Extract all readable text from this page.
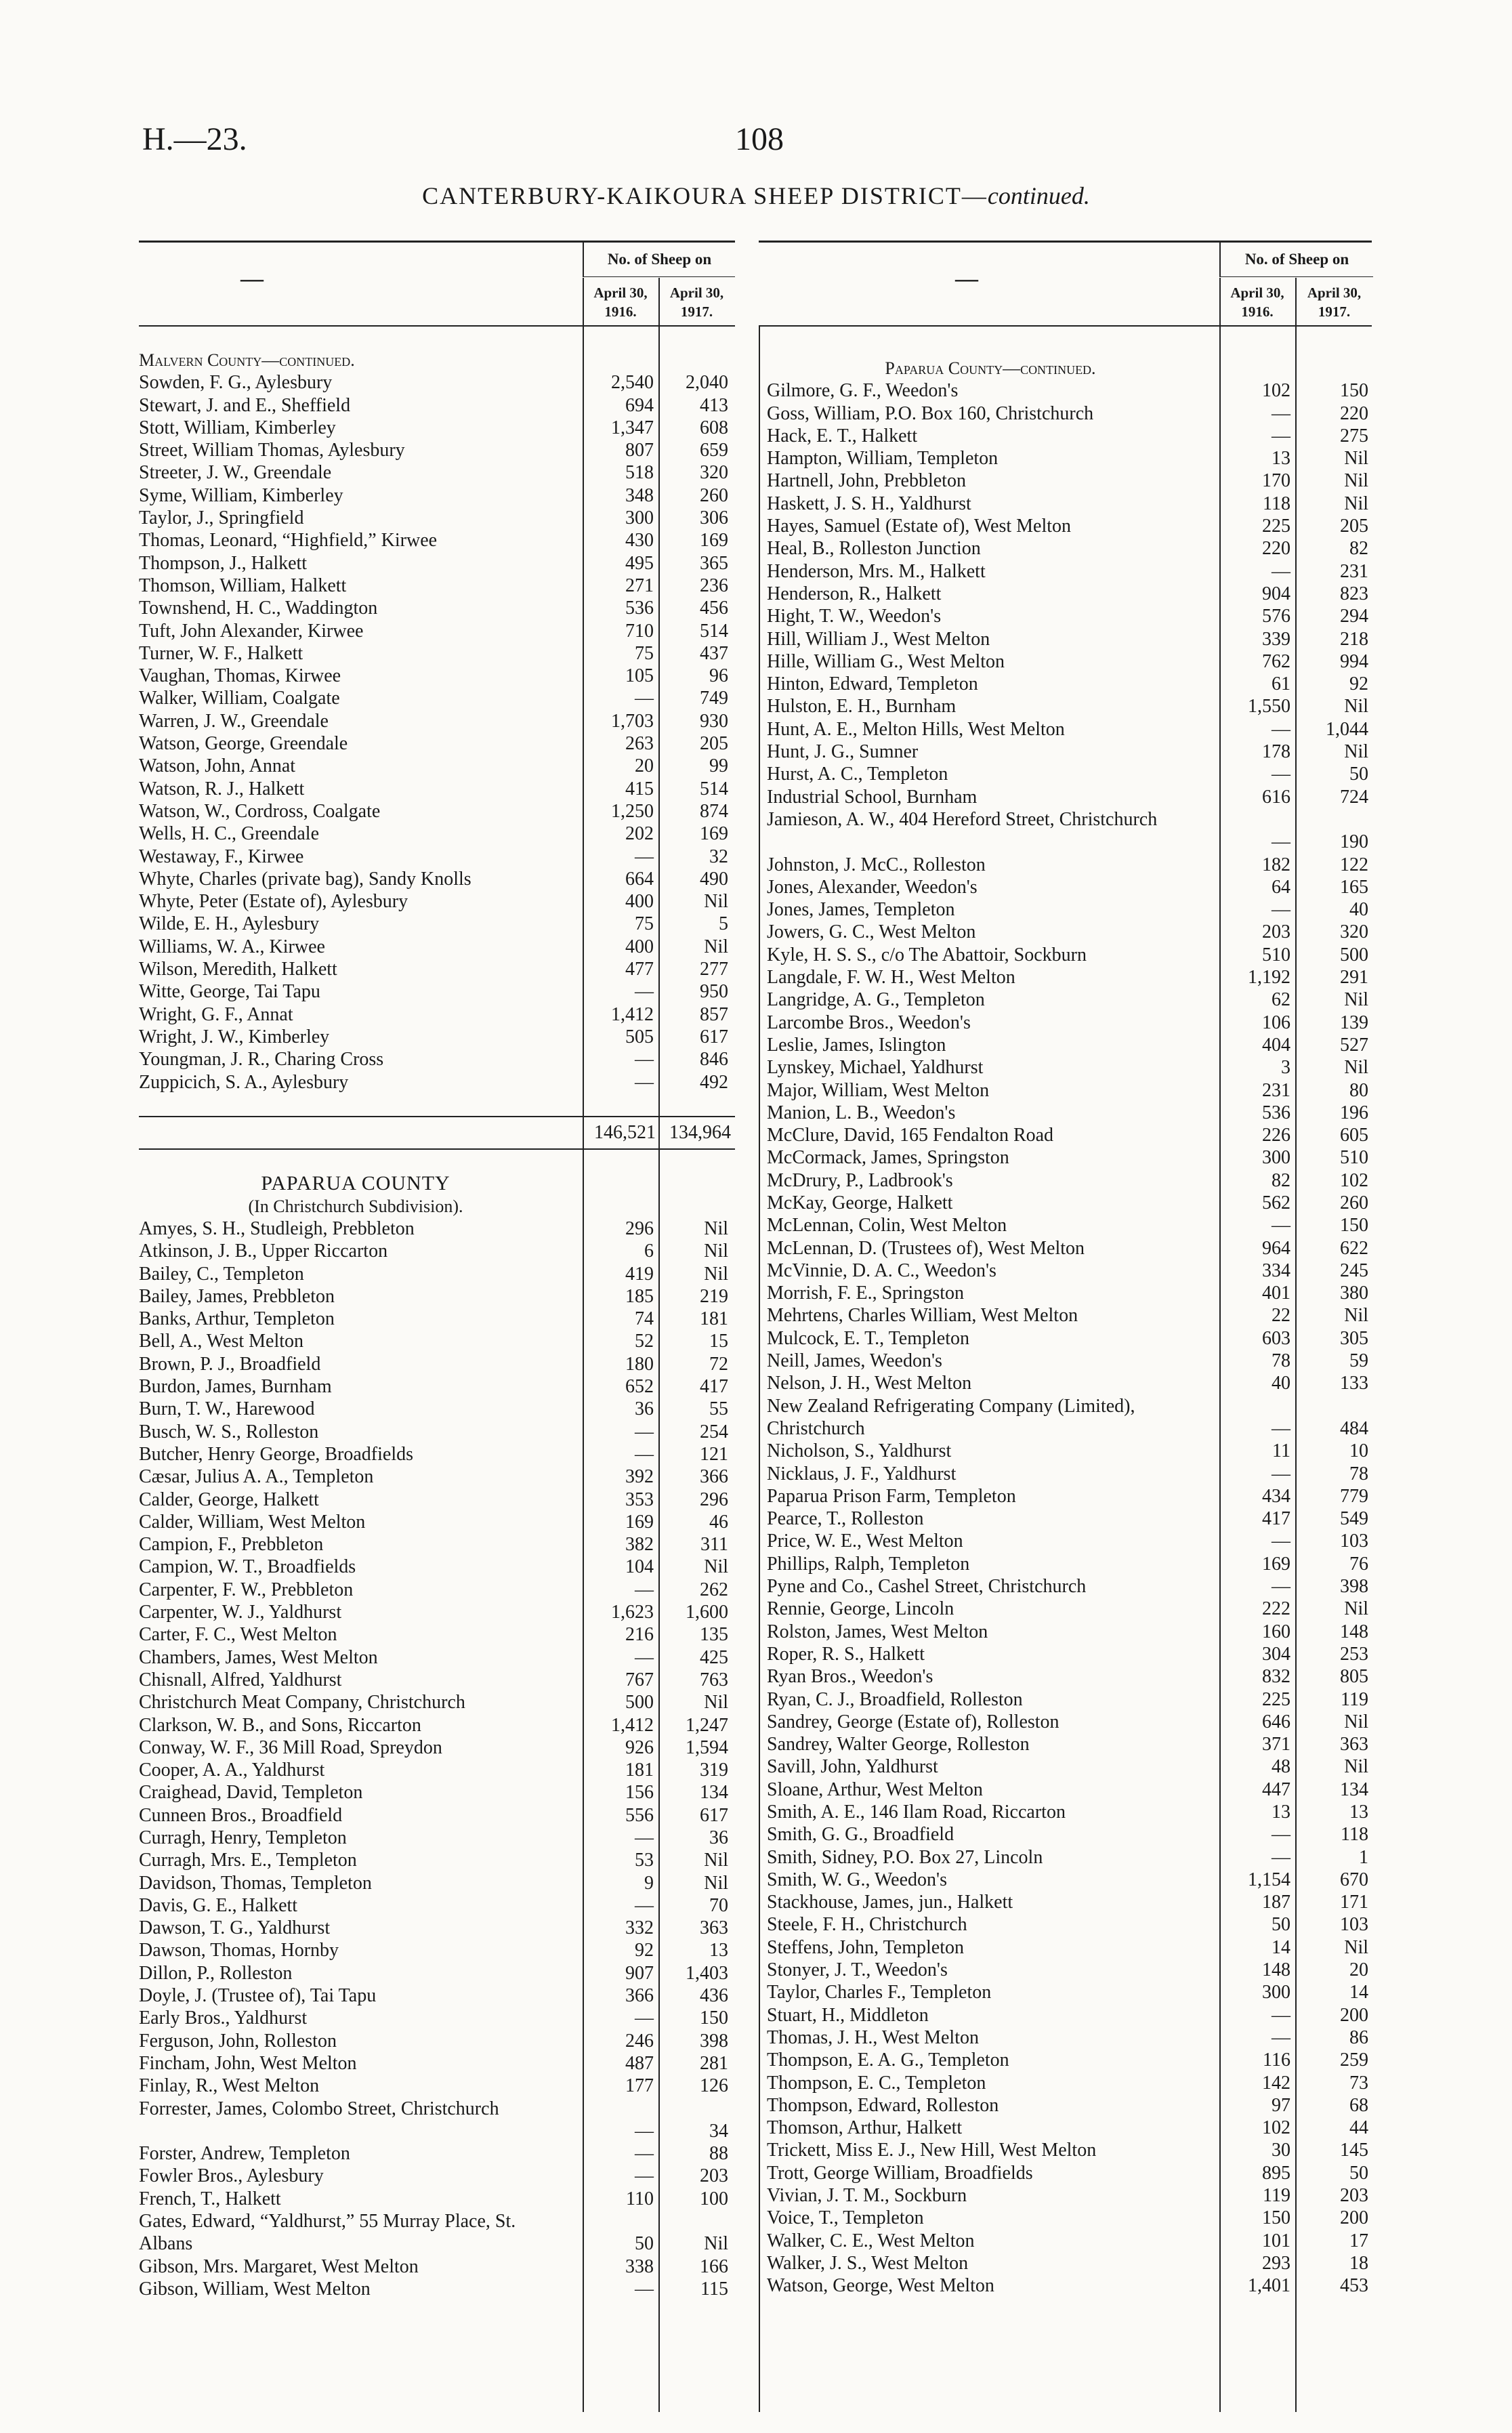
H.—23.	108
CANTERBURY-KAIKOURA SHEEP DISTRICT—continued.
—
No. of Sheep on
April 30,
1916.
April 30,
1917.
Malvern County—continued.
Sowden, F. G., Aylesbury	2,540	2,040
Stewart, J. and E., Sheffield	694	413
Stott, William, Kimberley	1,347	608
Street, William Thomas, Aylesbury	807	659
Streeter, J. W., Greendale	518	320
Syme, William, Kimberley	348	260
Taylor, J., Springfield	300	306
Thomas, Leonard, “Highfield,” Kirwee	430	169
Thompson, J., Halkett	495	365
Thomson, William, Halkett	271	236
Townshend, H. C., Waddington	536	456
Tuft, John Alexander, Kirwee	710	514
Turner, W. F., Halkett	75	437
Vaughan, Thomas, Kirwee	105	96
Walker, William, Coalgate	—	749
Warren, J. W., Greendale	1,703	930
Watson, George, Greendale	263	205
Watson, John, Annat	20	99
Watson, R. J., Halkett	415	514
Watson, W., Cordross, Coalgate	1,250	874
Wells, H. C., Greendale	202	169
Westaway, F., Kirwee	—	32
Whyte, Charles (private bag), Sandy Knolls	664	490
Whyte, Peter (Estate of), Aylesbury	400	Nil
Wilde, E. H., Aylesbury	75	5
Williams, W. A., Kirwee	400	Nil
Wilson, Meredith, Halkett	477	277
Witte, George, Tai Tapu	—	950
Wright, G. F., Annat	1,412	857
Wright, J. W., Kimberley	505	617
Youngman, J. R., Charing Cross	—	846
Zuppicich, S. A., Aylesbury	—	492
146,521 134,964
PAPARUA COUNTY
(In Christchurch Subdivision).
Amyes, S. H., Studleigh, Prebbleton	296	Nil
Atkinson, J. B., Upper Riccarton	6	Nil
Bailey, C., Templeton	419	Nil
Bailey, James, Prebbleton	185	219
Banks, Arthur, Templeton	74	181
Bell, A., West Melton	52	15
Brown, P. J., Broadfield	180	72
Burdon, James, Burnham	652	417
Burn, T. W., Harewood	36	55
Busch, W. S., Rolleston	—	254
Butcher, Henry George, Broadfields	—	121
Cæsar, Julius A. A., Templeton	392	366
Calder, George, Halkett	353	296
Calder, William, West Melton	169	46
Campion, F., Prebbleton	382	311
Campion, W. T., Broadfields	104	Nil
Carpenter, F. W., Prebbleton	—	262
Carpenter, W. J., Yaldhurst	1,623	1,600
Carter, F. C., West Melton	216	135
Chambers, James, West Melton	—	425
Chisnall, Alfred, Yaldhurst	767	763
Christchurch Meat Company, Christchurch	500	Nil
Clarkson, W. B., and Sons, Riccarton	1,412	1,247
Conway, W. F., 36 Mill Road, Spreydon	926	1,594
Cooper, A. A., Yaldhurst	181	319
Craighead, David, Templeton	156	134
Cunneen Bros., Broadfield	556	617
Curragh, Henry, Templeton	—	36
Curragh, Mrs. E., Templeton	53	Nil
Davidson, Thomas, Templeton	9	Nil
Davis, G. E., Halkett	—	70
Dawson, T. G., Yaldhurst	332	363
Dawson, Thomas, Hornby	92	13
Dillon, P., Rolleston	907	1,403
Doyle, J. (Trustee of), Tai Tapu	366	436
Early Bros., Yaldhurst	—	150
Ferguson, John, Rolleston	246	398
Fincham, John, West Melton	487	281
Finlay, R., West Melton	177	126
Forrester, James, Colombo Street, Christchurch
—	34
Forster, Andrew, Templeton	—	88
Fowler Bros., Aylesbury	—	203
French, T., Halkett	110	100
Gates, Edward, “Yaldhurst,” 55 Murray Place, St. Albans	50	Nil
Gibson, Mrs. Margaret, West Melton	338	166
Gibson, William, West Melton	—	115
—
No. of Sheep on
April 30,
1916.
April 30,
1917.
Paparua County—continued.
Gilmore, G. F., Weedon's	102	150
Goss, William, P.O. Box 160, Christchurch	—	220
Hack, E. T., Halkett	—	275
Hampton, William, Templeton	13	Nil
Hartnell, John, Prebbleton	170	Nil
Haskett, J. S. H., Yaldhurst	118	Nil
Hayes, Samuel (Estate of), West Melton	225	205
Heal, B., Rolleston Junction	220	82
Henderson, Mrs. M., Halkett	—	231
Henderson, R., Halkett	904	823
Hight, T. W., Weedon's	576	294
Hill, William J., West Melton	339	218
Hille, William G., West Melton	762	994
Hinton, Edward, Templeton	61	92
Hulston, E. H., Burnham	1,550	Nil
Hunt, A. E., Melton Hills, West Melton	—	1,044
Hunt, J. G., Sumner	178	Nil
Hurst, A. C., Templeton	—	50
Industrial School, Burnham	616	724
Jamieson, A. W., 404 Hereford Street, Christchurch
—	190
Johnston, J. McC., Rolleston	182	122
Jones, Alexander, Weedon's	64	165
Jones, James, Templeton	—	40
Jowers, G. C., West Melton	203	320
Kyle, H. S. S., c/o The Abattoir, Sockburn	510	500
Langdale, F. W. H., West Melton	1,192	291
Langridge, A. G., Templeton	62	Nil
Larcombe Bros., Weedon's	106	139
Leslie, James, Islington	404	527
Lynskey, Michael, Yaldhurst	3	Nil
Major, William, West Melton	231	80
Manion, L. B., Weedon's	536	196
McClure, David, 165 Fendalton Road	226	605
McCormack, James, Springston	300	510
McDrury, P., Ladbrook's	82	102
McKay, George, Halkett	562	260
McLennan, Colin, West Melton	—	150
McLennan, D. (Trustees of), West Melton	964	622
McVinnie, D. A. C., Weedon's	334	245
Morrish, F. E., Springston	401	380
Mehrtens, Charles William, West Melton	22	Nil
Mulcock, E. T., Templeton	603	305
Neill, James, Weedon's	78	59
Nelson, J. H., West Melton	40	133
New Zealand Refrigerating Company (Limited), Christchurch	—	484
Nicholson, S., Yaldhurst	11	10
Nicklaus, J. F., Yaldhurst	—	78
Paparua Prison Farm, Templeton	434	779
Pearce, T., Rolleston	417	549
Price, W. E., West Melton	—	103
Phillips, Ralph, Templeton	169	76
Pyne and Co., Cashel Street, Christchurch	—	398
Rennie, George, Lincoln	222	Nil
Rolston, James, West Melton	160	148
Roper, R. S., Halkett	304	253
Ryan Bros., Weedon's	832	805
Ryan, C. J., Broadfield, Rolleston	225	119
Sandrey, George (Estate of), Rolleston	646	Nil
Sandrey, Walter George, Rolleston	371	363
Savill, John, Yaldhurst	48	Nil
Sloane, Arthur, West Melton	447	134
Smith, A. E., 146 Ilam Road, Riccarton	13	13
Smith, G. G., Broadfield	—	118
Smith, Sidney, P.O. Box 27, Lincoln	—	1
Smith, W. G., Weedon's	1,154	670
Stackhouse, James, jun., Halkett	187	171
Steele, F. H., Christchurch	50	103
Steffens, John, Templeton	14	Nil
Stonyer, J. T., Weedon's	148	20
Taylor, Charles F., Templeton	300	14
Stuart, H., Middleton	—	200
Thomas, J. H., West Melton	—	86
Thompson, E. A. G., Templeton	116	259
Thompson, E. C., Templeton	142	73
Thompson, Edward, Rolleston	97	68
Thomson, Arthur, Halkett	102	44
Trickett, Miss E. J., New Hill, West Melton	30	145
Trott, George William, Broadfields	895	50
Vivian, J. T. M., Sockburn	119	203
Voice, T., Templeton	150	200
Walker, C. E., West Melton	101	17
Walker, J. S., West Melton	293	18
Watson, George, West Melton	1,401	453
